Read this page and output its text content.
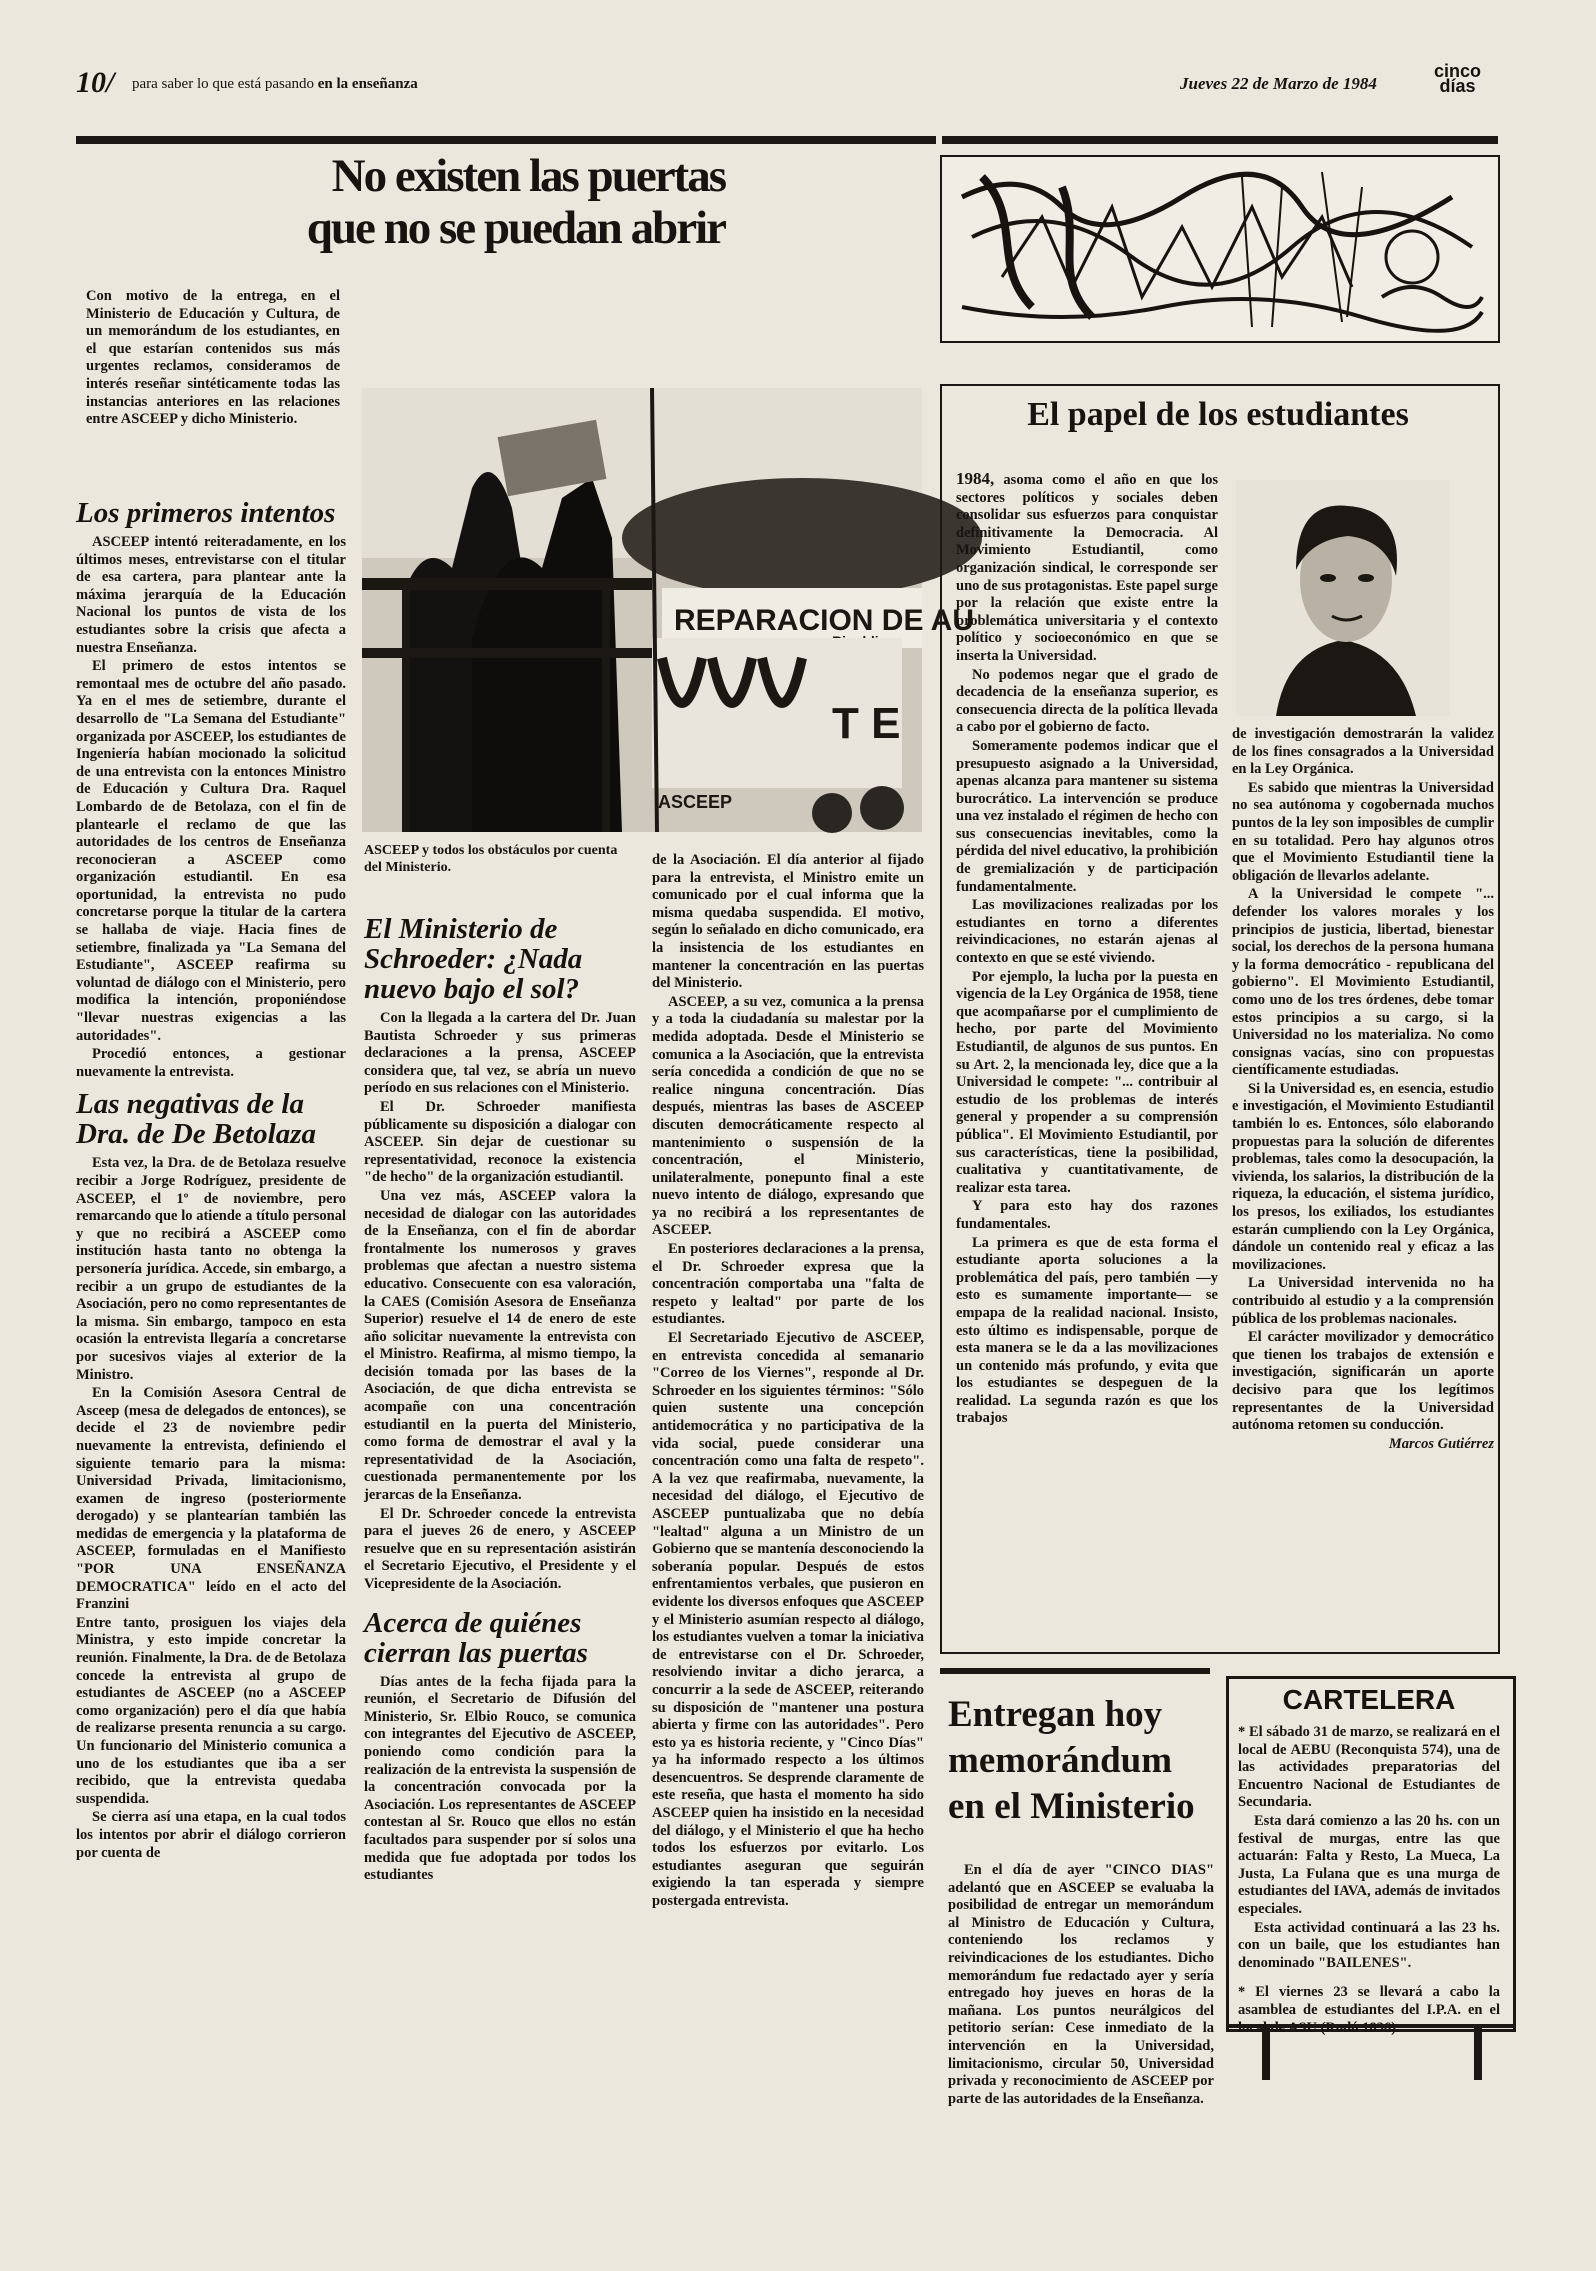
10/ para saber lo que está pasando en la enseñanza	Jueves 22 de Marzo de 1984
cinco
días
No existen las puertas
que no se puedan abrir
Con motivo de la entrega, en el Ministerio de Educación y Cultura, de un memorándum de los estudiantes, en el que estarían contenidos sus más urgentes reclamos, consideramos de interés reseñar sintéticamente todas las instancias anteriores en las relaciones entre ASCEEP y dicho Ministerio.
Los primeros intentos

ASCEEP intentó reiteradamente, en los últimos meses, entrevistarse con el titular de esa cartera, para plantear ante la máxima jerarquía de la Educación Nacional los puntos de vista de los estudiantes sobre la crisis que afecta a nuestra Enseñanza.

El primero de estos intentos se remontaal mes de octubre del año pasado. Ya en el mes de setiembre, durante el desarrollo de "La Semana del Estudiante" organizada por ASCEEP, los estudiantes de Ingeniería habían mocionado la solicitud de una entrevista con la entonces Ministro de Educación y Cultura Dra. Raquel Lombardo de de Betolaza, con el fin de plantearle el reclamo de que las autoridades de los centros de Enseñanza reconocieran a ASCEEP como organización estudiantil. En esa oportunidad, la entrevista no pudo concretarse porque la titular de la cartera se hallaba de viaje. Hacia fines de setiembre, finalizada ya "La Semana del Estudiante", ASCEEP reafirma su voluntad de diálogo con el Ministerio, pero modifica la intención, proponiéndose "llevar nuestras exigencias a las autoridades".

Procedió entonces, a gestionar nuevamente la entrevista.

Las negativas de la Dra. de De Betolaza

Esta vez, la Dra. de de Betolaza resuelve recibir a Jorge Rodríguez, presidente de ASCEEP, el 1º de noviembre, pero remarcando que lo atiende a título personal y que no recibirá a ASCEEP como institución hasta tanto no obtenga la personería jurídica. Accede, sin embargo, a recibir a un grupo de estudiantes de la Asociación, pero no como representantes de la misma. Sin embargo, tampoco en esta ocasión la entrevista llegaría a concretarse por sucesivos viajes al exterior de la Ministro.

En la Comisión Asesora Central de Asceep (mesa de delegados de entonces), se decide el 23 de noviembre pedir nuevamente la entrevista, definiendo el siguiente temario para la misma: Universidad Privada, limitacionismo, examen de ingreso (posteriormente derogado) y se plantearían también las medidas de emergencia y la plataforma de ASCEEP, formuladas en el Manifiesto "POR UNA ENSEÑANZA DEMOCRATICA" leído en el acto del Franzini

Entre tanto, prosiguen los viajes dela Ministra, y esto impide concretar la reunión. Finalmente, la Dra. de de Betolaza concede la entrevista al grupo de estudiantes de ASCEEP (no a ASCEEP como organización) pero el día que había de realizarse presenta renuncia a su cargo. Un funcionario del Ministerio comunica a uno de los estudiantes que iba a ser recibido, que la entrevista quedaba suspendida.

Se cierra así una etapa, en la cual todos los intentos por abrir el diálogo corrieron por cuenta de

REPARACION DE AU
T E
ASCEEP
ASCEEP y todos los obstáculos por cuenta del Ministerio.
El Ministerio de Schroeder: ¿Nada nuevo bajo el sol?

Con la llegada a la cartera del Dr. Juan Bautista Schroeder y sus primeras declaraciones a la prensa, ASCEEP considera que, tal vez, se abría un nuevo período en sus relaciones con el Ministerio.

El Dr. Schroeder manifiesta públicamente su disposición a dialogar con ASCEEP. Sin dejar de cuestionar su representatividad, reconoce la existencia "de hecho" de la organización estudiantil.

Una vez más, ASCEEP valora la necesidad de dialogar con las autoridades de la Enseñanza, con el fin de abordar frontalmente los numerosos y graves problemas que afectan a nuestro sistema educativo. Consecuente con esa valoración, la CAES (Comisión Asesora de Enseñanza Superior) resuelve el 14 de enero de este año solicitar nuevamente la entrevista con el Ministro. Reafirma, al mismo tiempo, la decisión tomada por las bases de la Asociación, de que dicha entrevista se acompañe con una concentración estudiantil en la puerta del Ministerio, como forma de demostrar el aval y la representatividad de la Asociación, cuestionada permanentemente por los jerarcas de la Enseñanza.

El Dr. Schroeder concede la entrevista para el jueves 26 de enero, y ASCEEP resuelve que en su representación asistirán el Secretario Ejecutivo, el Presidente y el Vicepresidente de la Asociación.

Acerca de quiénes cierran las puertas

Días antes de la fecha fijada para la reunión, el Secretario de Difusión del Ministerio, Sr. Elbio Rouco, se comunica con integrantes del Ejecutivo de ASCEEP, poniendo como condición para la realización de la entrevista la suspensión de la concentración convocada por la Asociación. Los representantes de ASCEEP contestan al Sr. Rouco que ellos no están facultados para suspender por sí solos una medida que fue adoptada por todos los estudiantes

de la Asociación. El día anterior al fijado para la entrevista, el Ministro emite un comunicado por el cual informa que la misma quedaba suspendida. El motivo, según lo señalado en dicho comunicado, era la insistencia de los estudiantes en mantener la concentración en las puertas del Ministerio.

ASCEEP, a su vez, comunica a la prensa y a toda la ciudadanía su malestar por la medida adoptada. Desde el Ministerio se comunica a la Asociación, que la entrevista sería concedida a condición de que no se realice ninguna concentración. Días después, mientras las bases de ASCEEP discuten democráticamente respecto al mantenimiento o suspensión de la concentración, el Ministerio, unilateralmente, ponepunto final a este nuevo intento de diálogo, expresando que ya no recibirá a los representantes de ASCEEP.

En posteriores declaraciones a la prensa, el Dr. Schroeder expresa que la concentración comportaba una "falta de respeto y lealtad" por parte de los estudiantes.

El Secretariado Ejecutivo de ASCEEP, en entrevista concedida al semanario "Correo de los Viernes", responde al Dr. Schroeder en los siguientes términos: "Sólo quien sustente una concepción antidemocrática y no participativa de la vida social, puede considerar una concentración como una falta de respeto". A la vez que reafirmaba, nuevamente, la necesidad del diálogo, el Ejecutivo de ASCEEP puntualizaba que no debía "lealtad" alguna a un Ministro de un Gobierno que se mantenía desconociendo la soberanía popular. Después de estos enfrentamientos verbales, que pusieron en evidente los diversos enfoques que ASCEEP y el Ministerio asumían respecto al diálogo, los estudiantes vuelven a tomar la iniciativa de entrevistarse con el Dr. Schroeder, resolviendo invitar a dicho jerarca, a concurrir a la sede de ASCEEP, reiterando su disposición de "mantener una postura abierta y firme con las autoridades". Pero esto ya es historia reciente, y "Cinco Días" ya ha informado respecto a los últimos desencuentros. Se desprende claramente de este reseña, que hasta el momento ha sido ASCEEP quien ha insistido en la necesidad del diálogo, y el Ministerio el que ha hecho todos los esfuerzos por evitarlo. Los estudiantes aseguran que seguirán exigiendo la tan esperada y siempre postergada entrevista.

El papel de los estudiantes

1984, asoma como el año en que los sectores políticos y sociales deben consolidar sus esfuerzos para conquistar definitivamente la Democracia. Al Movimiento Estudiantil, como organización sindical, le corresponde ser uno de sus protagonistas. Este papel surge por la relación que existe entre la problemática universitaria y el contexto político y socioeconómico en que se inserta la Universidad.

No podemos negar que el grado de decadencia de la enseñanza superior, es consecuencia directa de la política llevada a cabo por el gobierno de facto.

Someramente podemos indicar que el presupuesto asignado a la Universidad, apenas alcanza para mantener su sistema burocrático. La intervención se produce una vez instalado el régimen de hecho con sus consecuencias inevitables, como la pérdida del nivel educativo, la prohibición de gremialización y de participación fundamentalmente.

Las movilizaciones realizadas por los estudiantes en torno a diferentes reivindicaciones, no estarán ajenas al contexto en que se esté viviendo.

Por ejemplo, la lucha por la puesta en vigencia de la Ley Orgánica de 1958, tiene que acompañarse por el cumplimiento de hecho, por parte del Movimiento Estudiantil, de algunos de sus puntos. En su Art. 2, la mencionada ley, dice que a la Universidad le compete: "... contribuir al estudio de los problemas de interés general y propender a su comprensión pública". El Movimiento Estudiantil, por sus características, tiene la posibilidad, cualitativa y cuantitativamente, de realizar esta tarea.

Y para esto hay dos razones fundamentales.

La primera es que de esta forma el estudiante aporta soluciones a la problemática del país, pero también —y esto es sumamente importante— se empapa de la realidad nacional. Insisto, esto último es indispensable, porque de esta manera se le da a las movilizaciones un contenido más profundo, y evita que los estudiantes se despeguen de la realidad. La segunda razón es que los trabajos

de investigación demostrarán la validez de los fines consagrados a la Universidad en la Ley Orgánica.

Es sabido que mientras la Universidad no sea autónoma y cogobernada muchos puntos de la ley son imposibles de cumplir en su totalidad. Pero hay algunos otros que el Movimiento Estudiantil tiene la obligación de llevarlos adelante.

A la Universidad le compete "... defender los valores morales y los principios de justicia, libertad, bienestar social, los derechos de la persona humana y la forma democrático - republicana del gobierno". El Movimiento Estudiantil, como uno de los tres órdenes, debe tomar estos principios a su cargo, si la Universidad no los materializa. No como consignas vacías, sino con propuestas científicamente estudiadas.

Si la Universidad es, en esencia, estudio e investigación, el Movimiento Estudiantil también lo es. Entonces, sólo elaborando propuestas para la solución de diferentes problemas, tales como la desocupación, la vivienda, los salarios, la distribución de la riqueza, la educación, el sistema jurídico, los presos, los exiliados, los estudiantes estarán cumpliendo con la Ley Orgánica, dándole un contenido real y eficaz a las movilizaciones.

La Universidad intervenida no ha contribuido al estudio y a la comprensión pública de los problemas nacionales.

El carácter movilizador y democrático que tienen los trabajos de extensión e investigación, significarán un aporte decisivo para que los legítimos representantes de la Universidad autónoma retomen su conducción.

Marcos Gutiérrez

Entregan hoy memorándum en el Ministerio

En el día de ayer "CINCO DIAS" adelantó que en ASCEEP se evaluaba la posibilidad de entregar un memorándum al Ministro de Educación y Cultura, conteniendo los reclamos y reivindicaciones de los estudiantes. Dicho memorándum fue redactado ayer y sería entregado hoy jueves en horas de la mañana. Los puntos neurálgicos del petitorio serían: Cese inmediato de la intervención en la Universidad, limitacionismo, circular 50, Universidad privada y reconocimiento de ASCEEP por parte de las autoridades de la Enseñanza.

CARTELERA

* El sábado 31 de marzo, se realizará en el local de AEBU (Reconquista 574), una de las actividades preparatorias del Encuentro Nacional de Estudiantes de Secundaria.

Esta dará comienzo a las 20 hs. con un festival de murgas, entre las que actuarán: Falta y Resto, La Mueca, La Justa, La Fulana que es una murga de estudiantes del IAVA, además de invitados especiales.

Esta actividad continuará a las 23 hs. con un baile, que los estudiantes han denominado "BAILENES".

* El viernes 23 se llevará a cabo la asamblea de estudiantes del I.P.A. en el
